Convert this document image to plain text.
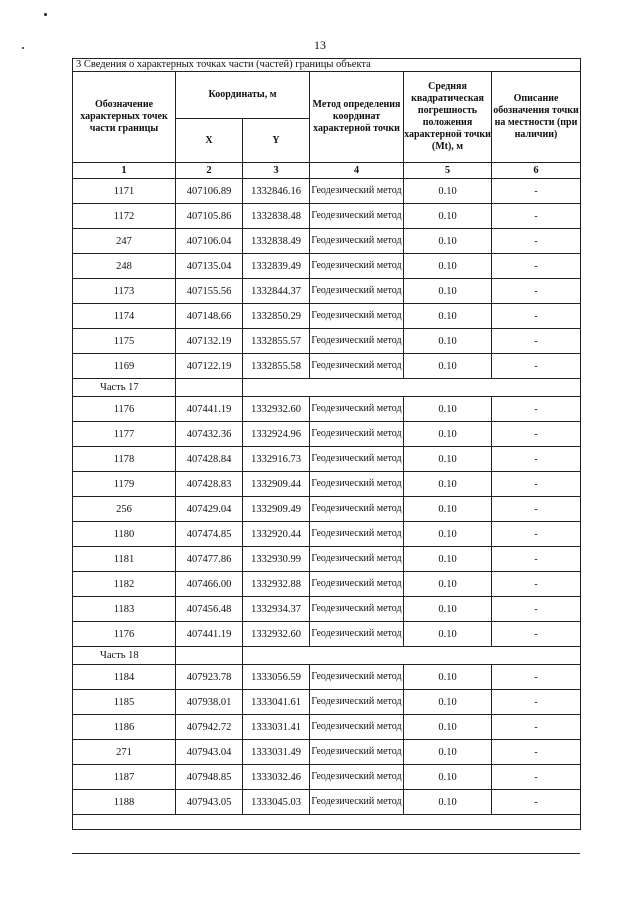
13
3 Сведения о характерных точках части (частей) границы объекта					
Обозначение характерных точек части границы	Координаты, м		Метод определения координат характерной точки	Средняя квадратическая погрешность положения характерной точки (Mt), м	Описание обозначения точки на местности (при наличии)
	X	Y			
1	2	3	4	5	6
1171	407106.89	1332846.16	Геодезический метод	0.10	-
1172	407105.86	1332838.48	Геодезический метод	0.10	-
247	407106.04	1332838.49	Геодезический метод	0.10	-
248	407135.04	1332839.49	Геодезический метод	0.10	-
1173	407155.56	1332844.37	Геодезический метод	0.10	-
1174	407148.66	1332850.29	Геодезический метод	0.10	-
1175	407132.19	1332855.57	Геодезический метод	0.10	-
1169	407122.19	1332855.58	Геодезический метод	0.10	-
Часть 17					
1176	407441.19	1332932.60	Геодезический метод	0.10	-
1177	407432.36	1332924.96	Геодезический метод	0.10	-
1178	407428.84	1332916.73	Геодезический метод	0.10	-
1179	407428.83	1332909.44	Геодезический метод	0.10	-
256	407429.04	1332909.49	Геодезический метод	0.10	-
1180	407474.85	1332920.44	Геодезический метод	0.10	-
1181	407477.86	1332930.99	Геодезический метод	0.10	-
1182	407466.00	1332932.88	Геодезический метод	0.10	-
1183	407456.48	1332934.37	Геодезический метод	0.10	-
1176	407441.19	1332932.60	Геодезический метод	0.10	-
Часть 18					
1184	407923.78	1333056.59	Геодезический метод	0.10	-
1185	407938.01	1333041.61	Геодезический метод	0.10	-
1186	407942.72	1333031.41	Геодезический метод	0.10	-
271	407943.04	1333031.49	Геодезический метод	0.10	-
1187	407948.85	1333032.46	Геодезический метод	0.10	-
1188	407943.05	1333045.03	Геодезический метод	0.10	-
